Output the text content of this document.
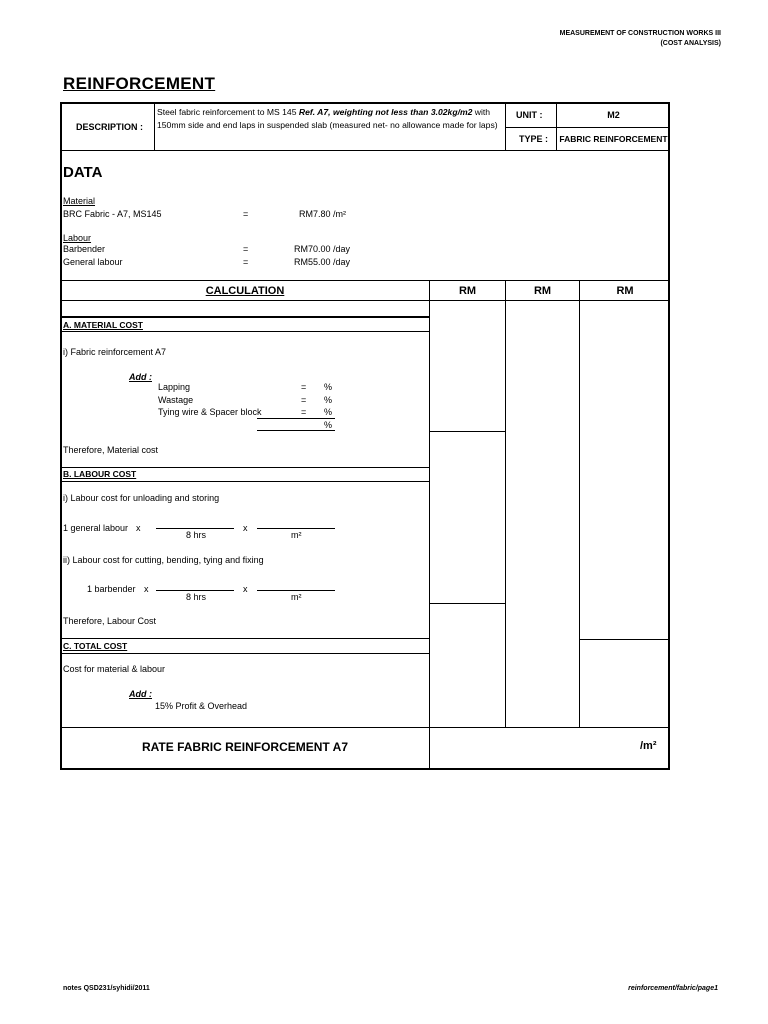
MEASUREMENT OF CONSTRUCTION WORKS III
(COST ANALYSIS)
REINFORCEMENT
DESCRIPTION :
Steel fabric reinforcement to MS 145 Ref. A7, weighting not less than 3.02kg/m2 with 150mm side and end laps in suspended slab (measured net- no allowance made for laps)
UNIT :	M2
TYPE : FABRIC REINFORCEMENT
DATA
Material
BRC Fabric - A7, MS145	=	RM7.80 /m²
Labour
Barbender	=	RM70.00 /day
General labour	=	RM55.00 /day
CALCULATION	RM	RM	RM
A. MATERIAL COST
i) Fabric reinforcement A7
Add :
Lapping	= %
Wastage	= %
Tying wire & Spacer block	= %
%
Therefore, Material cost
B. LABOUR COST
i) Labour cost for unloading and storing
1 general labour x	x
8 hrs	m²
ii) Labour cost for cutting, bending, tying and fixing
1 barbender x	x
8 hrs	m²
Therefore, Labour Cost
C. TOTAL COST
Cost for material & labour
Add :
15% Profit & Overhead
RATE FABRIC REINFORCEMENT A7	/m²
notes QSD231/syhidi/2011	reinforcement/fabric/page1
